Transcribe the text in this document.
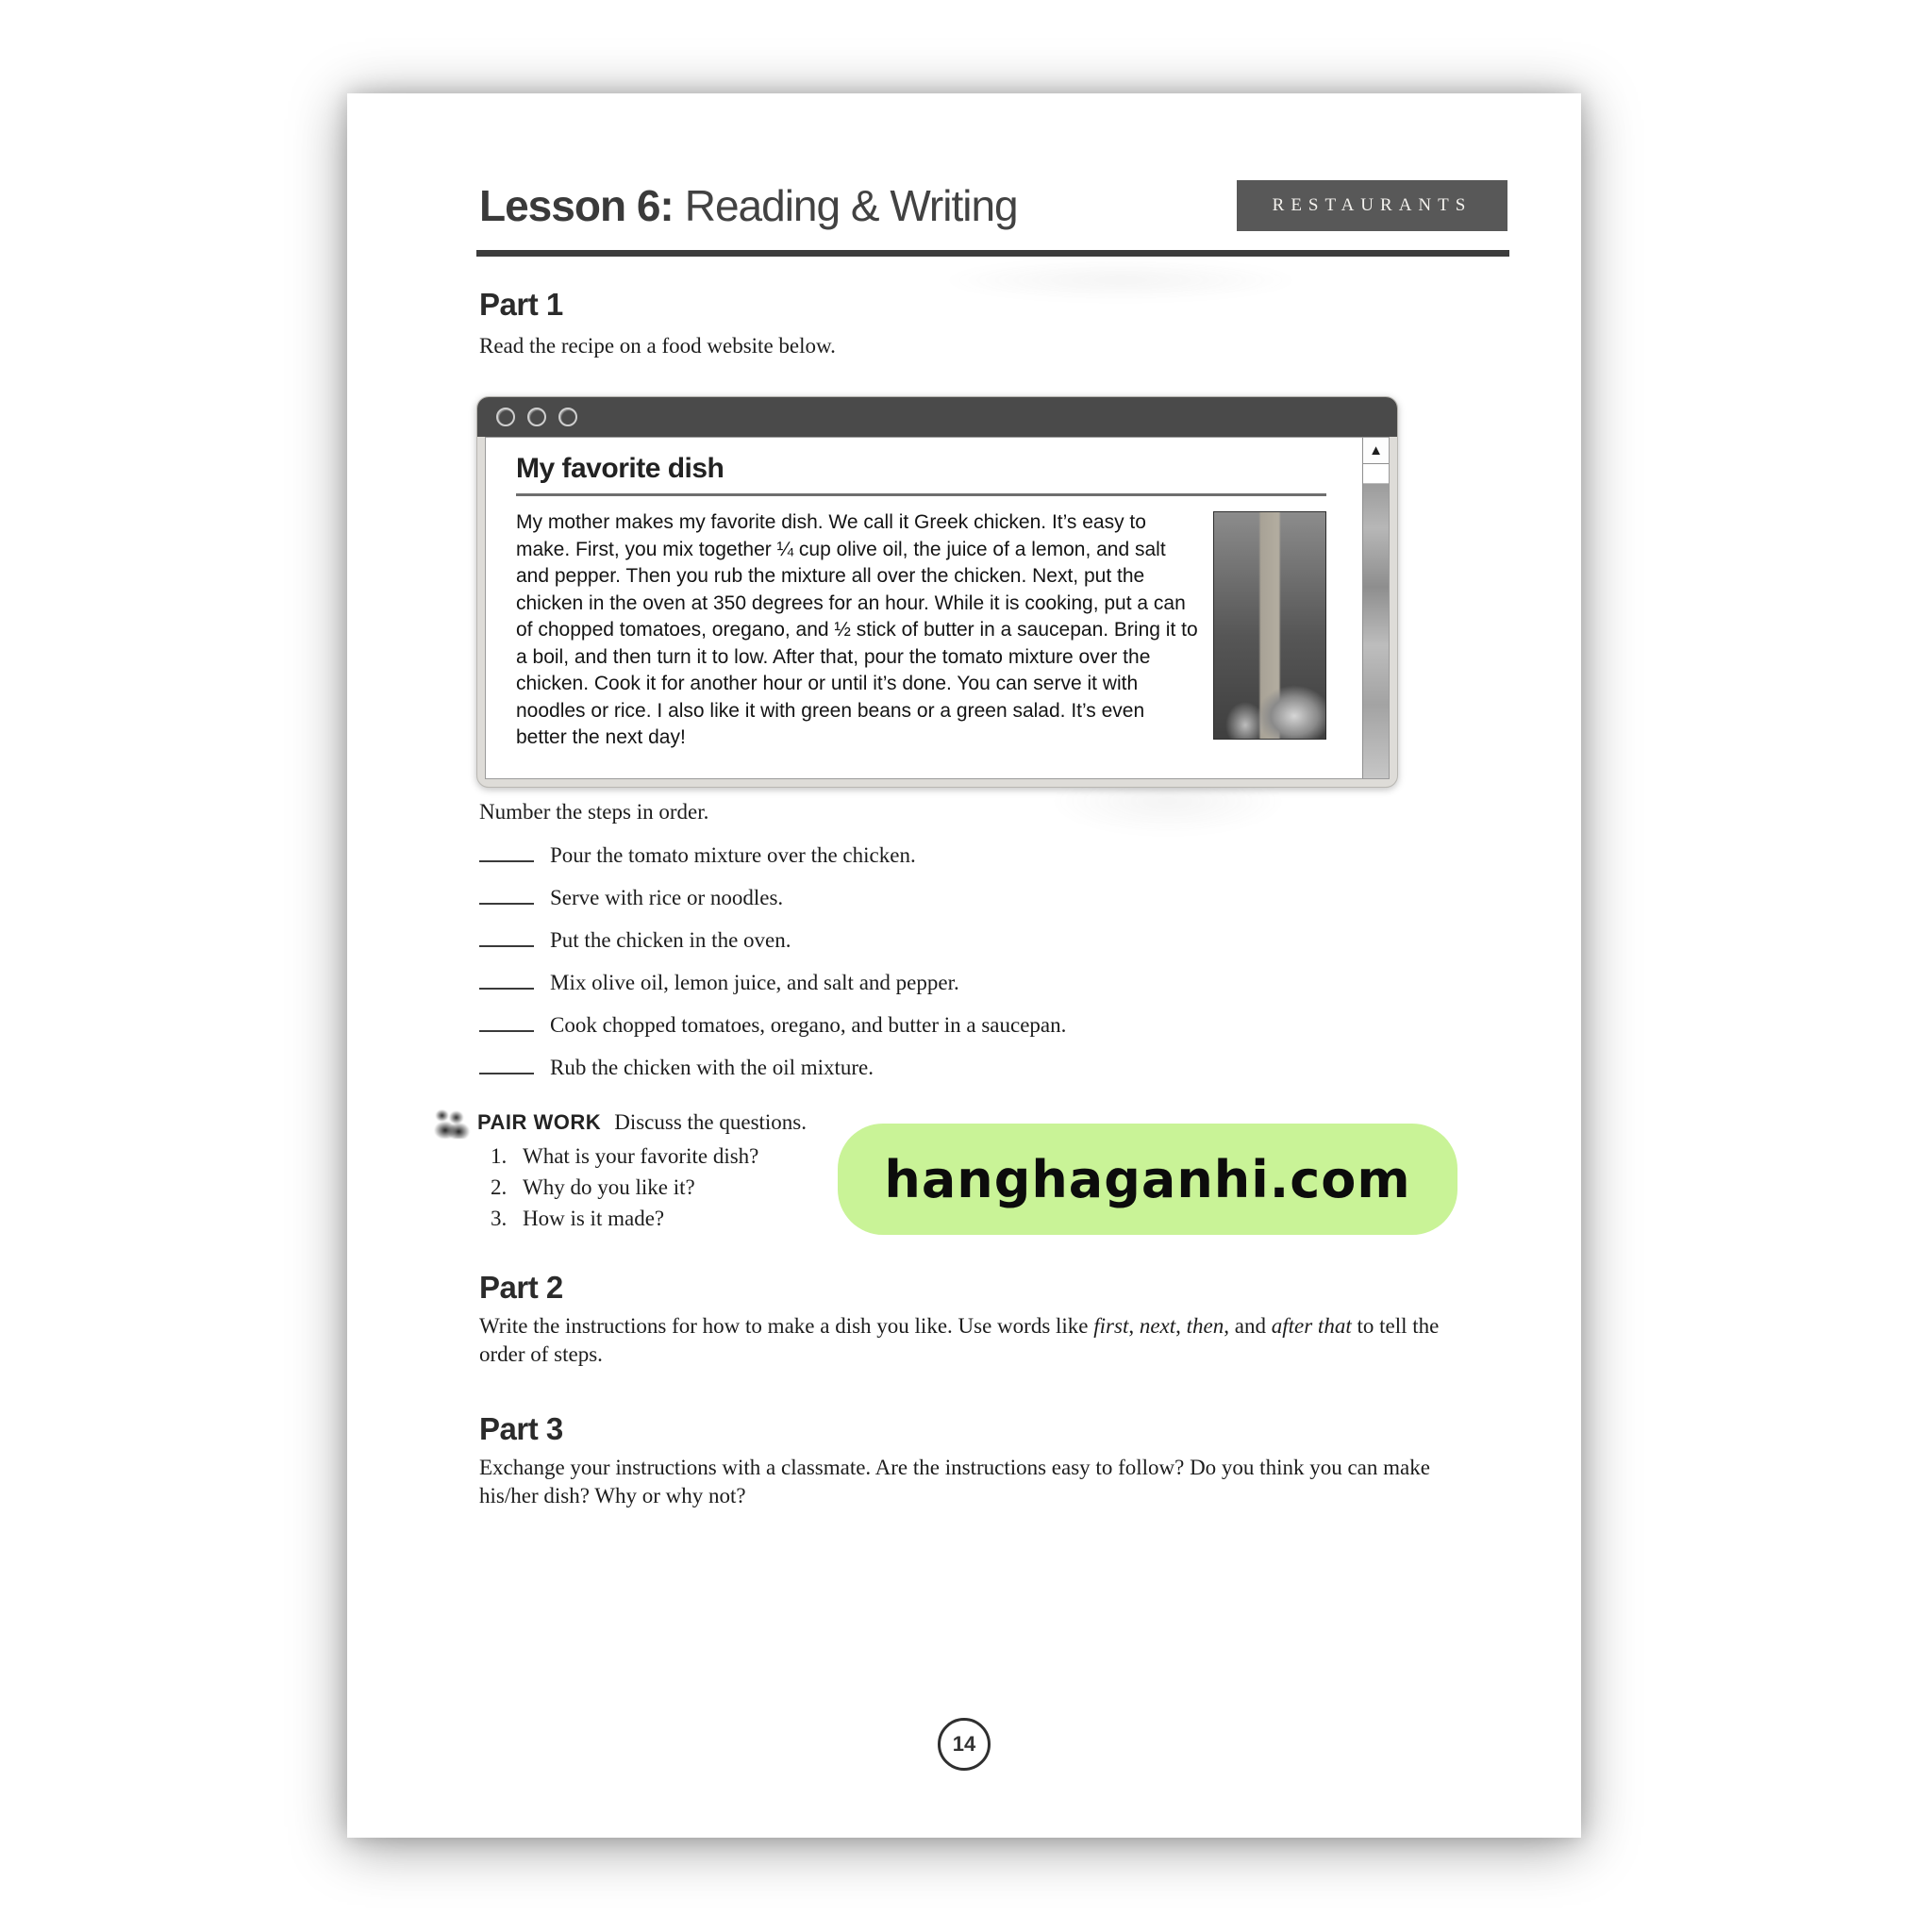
Lesson 6: Reading & Writing	RESTAURANTS
Part 1

Read the recipe on a food website below.

My favorite dish

My mother makes my favorite dish. We call it Greek chicken. It’s easy to make. First, you mix together ¼ cup olive oil, the juice of a lemon, and salt and pepper. Then you rub the mixture all over the chicken. Next, put the chicken in the oven at 350 degrees for an hour. While it is cooking, put a can of chopped tomatoes, oregano, and ½ stick of butter in a saucepan. Bring it to a boil, and then turn it to low. After that, pour the tomato mixture over the chicken. Cook it for another hour or until it’s done. You can serve it with noodles or rice. I also like it with green beans or a green salad. It’s even better the next day!

▲

Number the steps in order.

Pour the tomato mixture over the chicken.
Serve with rice or noodles.
Put the chicken in the oven.
Mix olive oil, lemon juice, and salt and pepper.
Cook chopped tomatoes, oregano, and butter in a saucepan.
Rub the chicken with the oil mixture.
PAIR WORK Discuss the questions.
1. What is your favorite dish?
2. Why do you like it?
3. How is it made?
hanghaganhi.com
Part 2

Write the instructions for how to make a dish you like. Use words like first, next, then, and after that to tell the order of steps.

Part 3

Exchange your instructions with a classmate. Are the instructions easy to follow? Do you think you can make his/her dish? Why or why not?

14
